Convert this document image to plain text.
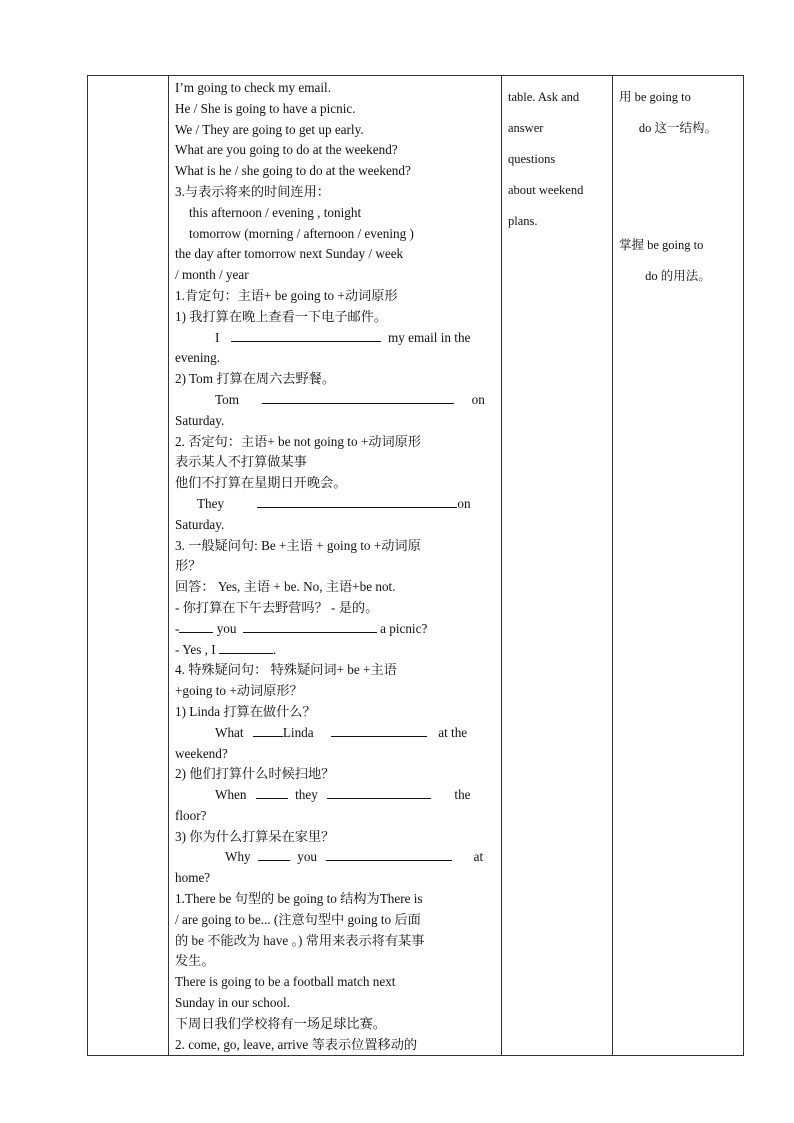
I’m going to check my email.
He / She is going to have a picnic.
We / They are going to get up early.
What are you going to do at the weekend?
What is he / she going to do at the weekend?
3.与表示将来的时间连用：
this afternoon / evening , tonight
tomorrow (morning / afternoon / evening )
the day after tomorrow next Sunday / week
/ month / year
1.肯定句：主语+ be going to +动词原形
1) 我打算在晚上查看一下电子邮件。
I	my email in the
evening.
2) Tom 打算在周六去野餐。
Tom	on
Saturday.
2. 否定句：主语+ be not going to +动词原形
表示某人不打算做某事
他们不打算在星期日开晚会。
They	on
Saturday.
3. 一般疑问句: Be +主语 + going to +动词原
形？
回答： Yes, 主语 + be. No, 主语+be not.
- 你打算在下午去野营吗？ - 是的。
-	you	a picnic?
- Yes , I	.
4. 特殊疑问句： 特殊疑问词+ be +主语
+going to +动词原形？
1) Linda 打算在做什么？
What	Linda	at the
weekend?
2) 他们打算什么时候扫地？
When	they	the
floor?
3) 你为什么打算呆在家里？
Why	you	at
home?
1.There be 句型的 be going to 结构为There is
/ are going to be... (注意句型中 going to 后面
的 be 不能改为 have 。) 常用来表示将有某事
发生。
There is going to be a football match next
Sunday in our school.
下周日我们学校将有一场足球比赛。
2. come, go, leave, arrive 等表示位置移动的

table. Ask and
answer
questions
about weekend
plans.

用 be going to
do 这一结构。
掌握 be going to
do 的用法。
